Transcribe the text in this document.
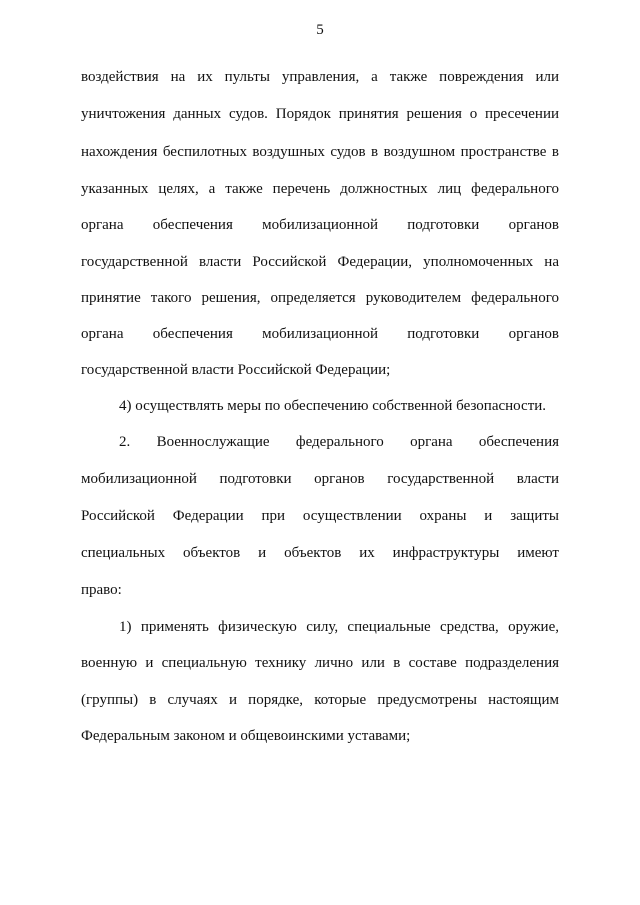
5
воздействия на их пульты управления, а также повреждения или
уничтожения данных судов. Порядок принятия решения о пресечении
нахождения беспилотных воздушных судов в воздушном пространстве в
указанных целях, а также перечень должностных лиц федерального
органа обеспечения мобилизационной подготовки органов
государственной власти Российской Федерации, уполномоченных на
принятие такого решения, определяется руководителем федерального
органа обеспечения мобилизационной подготовки органов
государственной власти Российской Федерации;
4) осуществлять меры по обеспечению собственной безопасности.
2. Военнослужащие федерального органа обеспечения
мобилизационной подготовки органов государственной власти
Российской Федерации при осуществлении охраны и защиты
специальных объектов и объектов их инфраструктуры имеют
право:
1) применять физическую силу, специальные средства, оружие,
военную и специальную технику лично или в составе подразделения
(группы) в случаях и порядке, которые предусмотрены настоящим
Федеральным законом и общевоинскими уставами;
